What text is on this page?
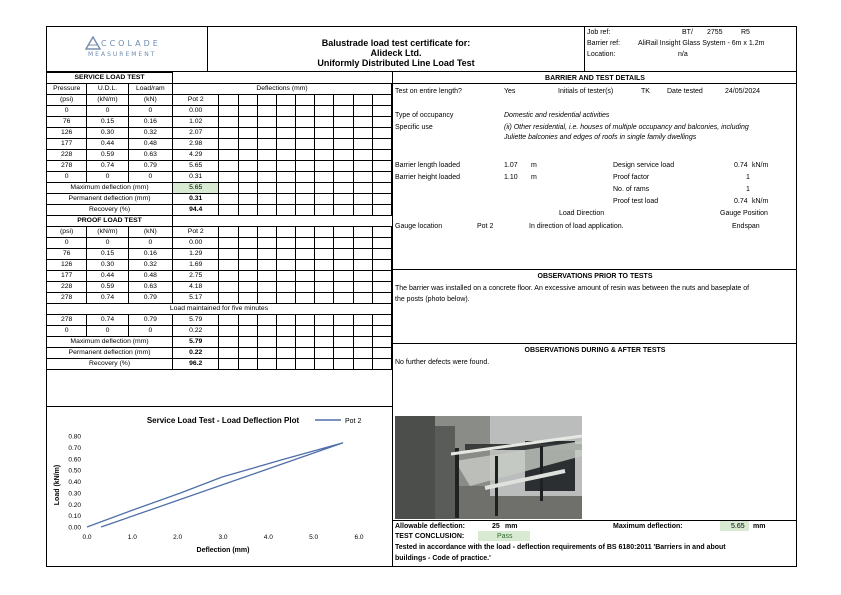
CCOLADE
MEASUREMENT
Balustrade load test certificate for:
Alideck Ltd.
Uniformly Distributed Line Load Test
Job ref:	BT/ 2755	R5
Barrier ref:	AliRail Insight Glass System - 6m x 1.2m
Location:	n/a
SERVICE LOAD TEST												
Pressure	U.D.L.	Load/ram	Deflections (mm)									
(psi)	(kN/m)	(kN)	Pot 2									
0	0	0	0.00									
76	0.15	0.16	1.02									
126	0.30	0.32	2.07									
177	0.44	0.48	2.98									
228	0.59	0.63	4.29									
278	0.74	0.79	5.65									
0	0	0	0.31									
Maximum deflection (mm)			5.65									
Permanent deflection (mm)			0.31									
Recovery (%)			94.4									
PROOF LOAD TEST												
(psi)	(kN/m)	(kN)	Pot 2									
0	0	0	0.00									
76	0.15	0.16	1.29									
126	0.30	0.32	1.69									
177	0.44	0.48	2.75									
228	0.59	0.63	4.18									
278	0.74	0.79	5.17									
Load maintained for five minutes												
278	0.74	0.79	5.79									
0	0	0	0.22									
Maximum deflection (mm)			5.79									
Permanent deflection (mm)			0.22									
Recovery (%)			96.2									
Service Load Test - Load Deflection Plot	Pot 2
0.00
0.10
0.20
0.30
0.40
0.50
0.60
0.70
0.80
0.0	1.0	2.0	3.0	4.0	5.0	6.0
Deflection (mm)
Load (kN/m)
BARRIER AND TEST DETAILS
Test on entire length?	Yes	Initials of tester(s)	TK Date tested	24/05/2024
Type of occupancy	Domestic and residential activities
Specific use	(ii) Other residential, i.e. houses of multiple occupancy and balconies, including
Juliette balconies and edges of roofs in single family dwellings
Barrier length loaded	1.07 m
Barrier height loaded	1.10 m
Design service load	0.74 kN/m
Proof factor	1
No. of rams	1
Proof test load	0.74 kN/m
Load Direction	Gauge Position
Gauge location	Pot 2	In direction of load application.	Endspan
OBSERVATIONS PRIOR TO TESTS
The barrier was installed on a concrete floor. An excessive amount of resin was between the nuts and baseplate of
the posts (photo below).
OBSERVATIONS DURING & AFTER TESTS
No further defects were found.
Allowable deflection:	25 mm	Maximum deflection:	5.65 mm
TEST CONCLUSION:	Pass
Tested in accordance with the load - deflection requirements of BS 6180:2011 'Barriers in and about
buildings - Code of practice.'
